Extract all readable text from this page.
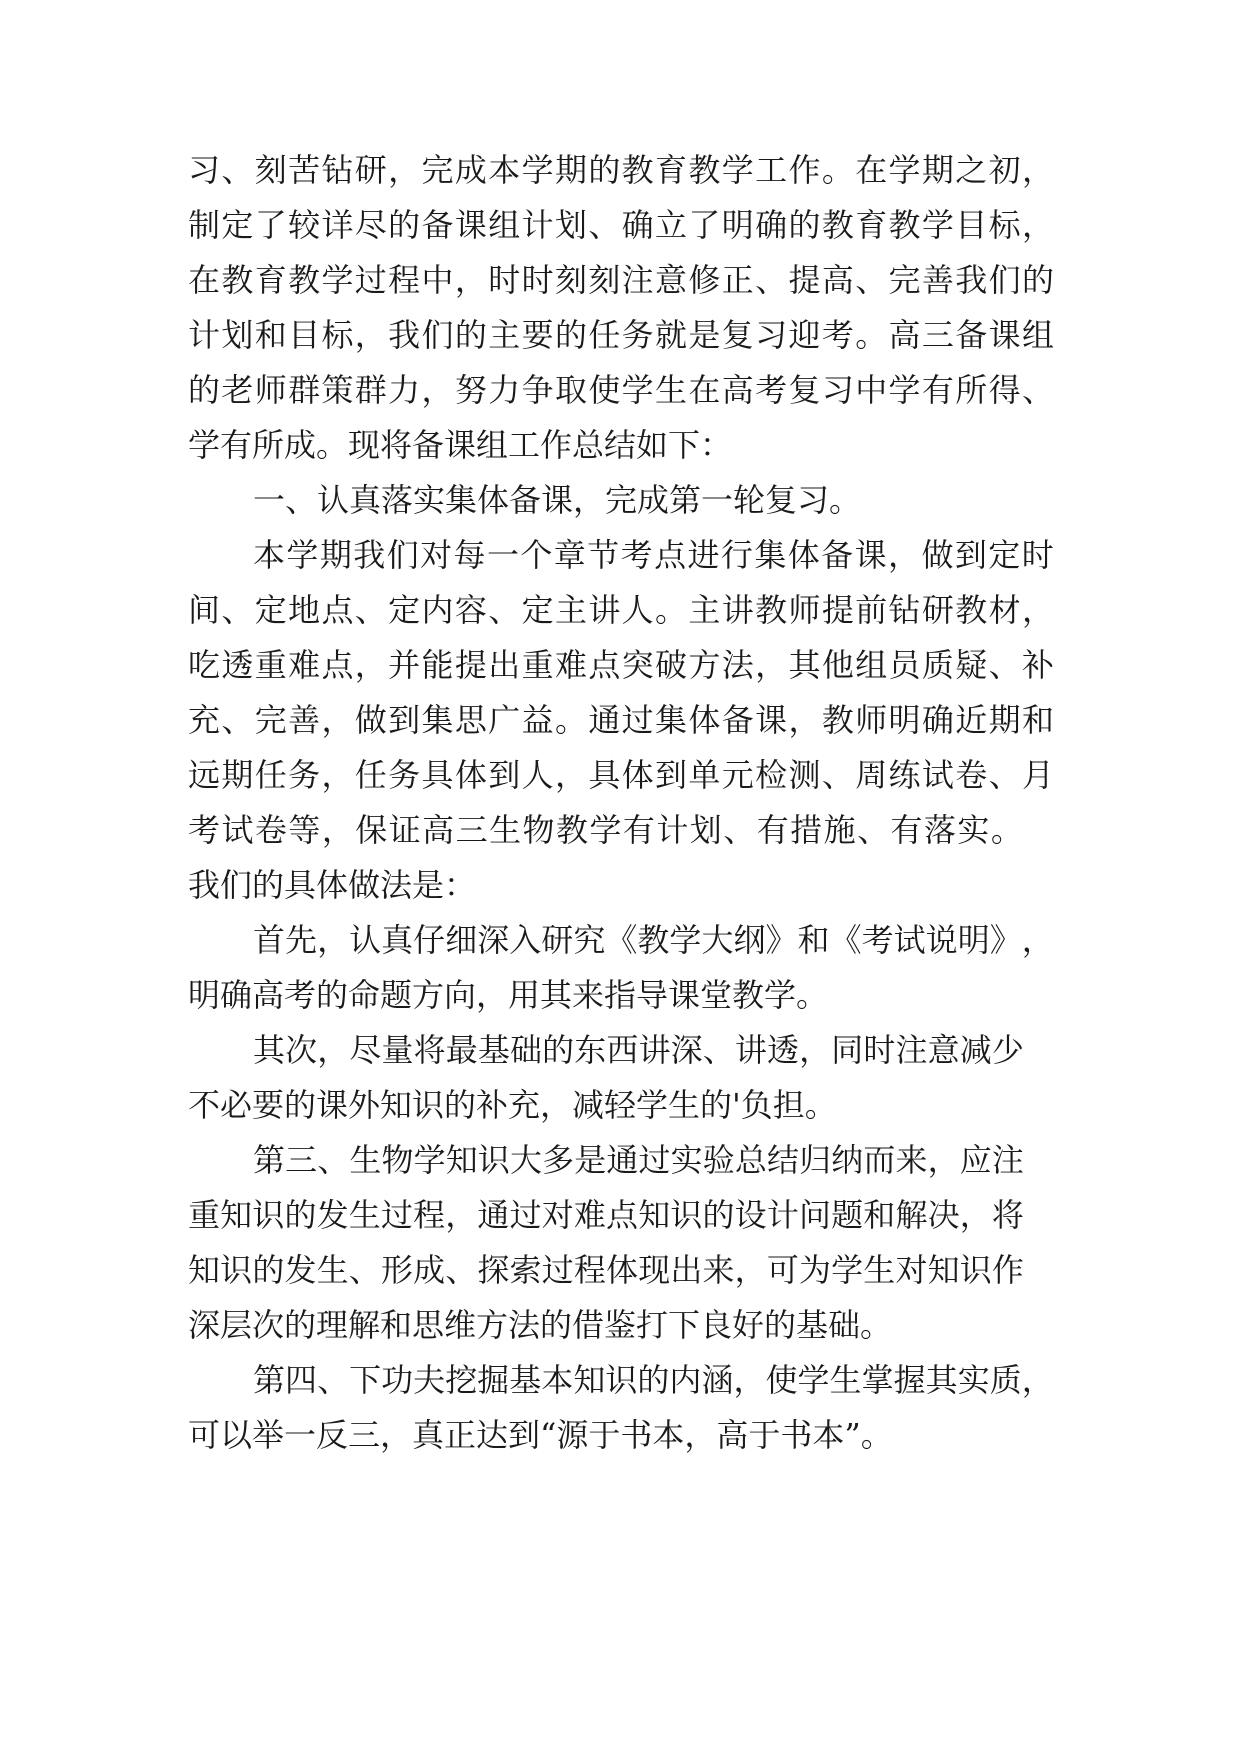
习 、 刻 苦 钻 研 ， 完 成 本 学 期 的 教 育 教 学 工 作 。 在 学 期 之 初 ，
制 定 了 较 详 尽 的 备 课 组 计 划 、 确 立 了 明 确 的 教 育 教 学 目 标 ，
在 教 育 教 学 过 程 中 ， 时 时 刻 刻 注 意 修 正 、 提 高 、 完 善 我 们 的
计 划 和 目 标 ， 我 们 的 主 要 的 任 务 就 是 复 习 迎 考 。 高 三 备 课 组
的 老 师 群 策 群 力 ， 努 力 争 取 使 学 生 在 高 考 复 习 中 学 有 所 得 、
学有所成。现将备课组工作总结如下：
一、认真落实集体备课，完成第一轮复习。
本 学 期 我 们 对 每 一 个 章 节 考 点 进 行 集 体 备 课 ， 做 到 定 时
间 、 定 地 点 、 定 内 容 、 定 主 讲 人 。 主 讲 教 师 提 前 钻 研 教 材 ，
吃 透 重 难 点 ， 并 能 提 出 重 难 点 突 破 方 法 ， 其 他 组 员 质 疑 、 补
充 、 完 善 ， 做 到 集 思 广 益 。 通 过 集 体 备 课 ， 教 师 明 确 近 期 和
远 期 任 务 ， 任 务 具 体 到 人 ， 具 体 到 单 元 检 测 、 周 练 试 卷 、 月
考 试 卷 等 ， 保 证 高 三 生 物 教 学 有 计 划 、 有 措 施 、 有 落 实 。
我们的具体做法是：
首 先 ， 认 真 仔 细 深 入 研 究 《 教 学 大 纲 》 和 《 考 试 说 明 》 ，
明确高考的命题方向，用其来指导课堂教学。
其 次 ， 尽 量 将 最 基 础 的 东 西 讲 深 、 讲 透 ， 同 时 注 意 减 少
不必要的课外知识的补充，减轻学生的'负担。
第 三 、 生 物 学 知 识 大 多 是 通 过 实 验 总 结 归 纳 而 来 ， 应 注
重 知 识 的 发 生 过 程 ， 通 过 对 难 点 知 识 的 设 计 问 题 和 解 决 ， 将
知 识 的 发 生 、 形 成 、 探 索 过 程 体 现 出 来 ， 可 为 学 生 对 知 识 作
深层次的理解和思维方法的借鉴打下良好的基础。
第 四 、 下 功 夫 挖 掘 基 本 知 识 的 内 涵 ， 使 学 生 掌 握 其 实 质 ，
可以举一反三，真正达到“源于书本，高于书本”。
